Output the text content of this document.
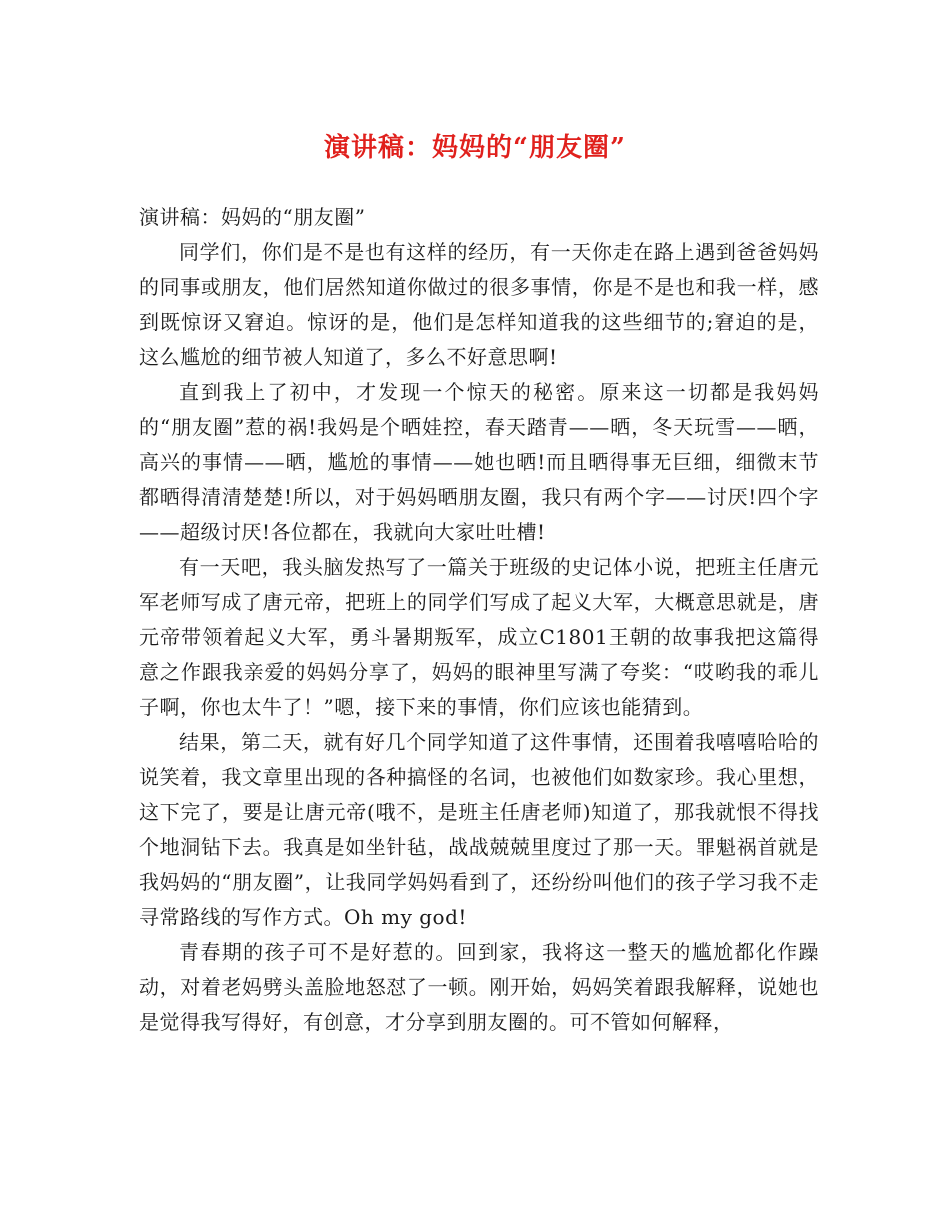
演讲稿：妈妈的“朋友圈”

演讲稿：妈妈的“朋友圈”

同学们，你们是不是也有这样的经历，有一天你走在路上遇到爸爸妈妈的同事或朋友，他们居然知道你做过的很多事情，你是不是也和我一样，感到既惊讶又窘迫。惊讶的是，他们是怎样知道我的这些细节的;窘迫的是，这么尴尬的细节被人知道了，多么不好意思啊!

直到我上了初中，才发现一个惊天的秘密。原来这一切都是我妈妈的“朋友圈”惹的祸!我妈是个晒娃控，春天踏青——晒，冬天玩雪——晒，高兴的事情——晒，尴尬的事情——她也晒!而且晒得事无巨细，细微末节都晒得清清楚楚!所以，对于妈妈晒朋友圈，我只有两个字——讨厌!四个字——超级讨厌!各位都在，我就向大家吐吐槽!

有一天吧，我头脑发热写了一篇关于班级的史记体小说，把班主任唐元军老师写成了唐元帝，把班上的同学们写成了起义大军，大概意思就是，唐元帝带领着起义大军，勇斗暑期叛军，成立C1801王朝的故事我把这篇得意之作跟我亲爱的妈妈分享了，妈妈的眼神里写满了夸奖：“哎哟我的乖儿子啊，你也太牛了！”嗯，接下来的事情，你们应该也能猜到。

结果，第二天，就有好几个同学知道了这件事情，还围着我嘻嘻哈哈的说笑着，我文章里出现的各种搞怪的名词，也被他们如数家珍。我心里想，这下完了，要是让唐元帝(哦不，是班主任唐老师)知道了，那我就恨不得找个地洞钻下去。我真是如坐针毡，战战兢兢里度过了那一天。罪魁祸首就是我妈妈的“朋友圈”，让我同学妈妈看到了，还纷纷叫他们的孩子学习我不走寻常路线的写作方式。Oh my god!

青春期的孩子可不是好惹的。回到家，我将这一整天的尴尬都化作躁动，对着老妈劈头盖脸地怒怼了一顿。刚开始，妈妈笑着跟我解释，说她也是觉得我写得好，有创意，才分享到朋友圈的。可不管如何解释，
